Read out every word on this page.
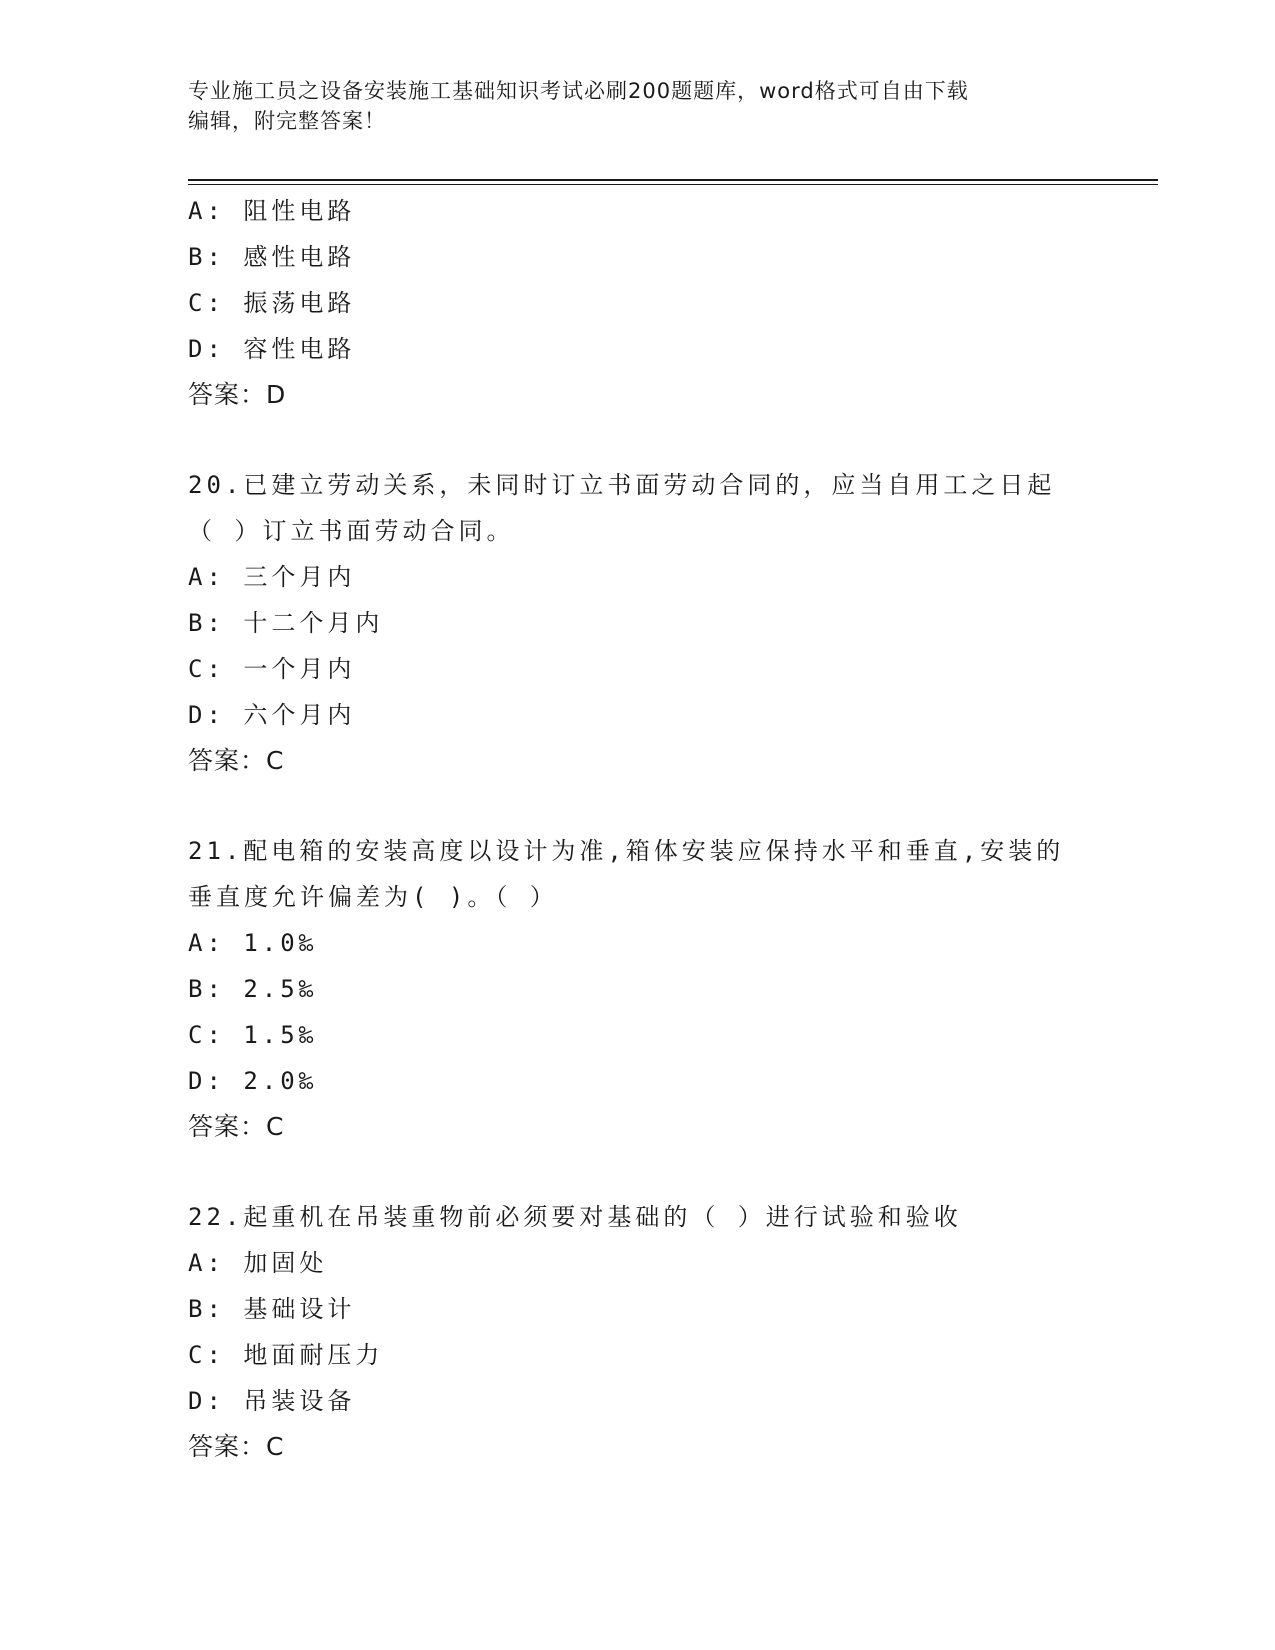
专业施工员之设备安装施工基础知识考试必刷200题题库，word格式可自由下载
编辑，附完整答案！
A: 阻性电路
B: 感性电路
C: 振荡电路
D: 容性电路
答案：D
20.已建立劳动关系，未同时订立书面劳动合同的，应当自用工之日起
（ ）订立书面劳动合同。
A: 三个月内
B: 十二个月内
C: 一个月内
D: 六个月内
答案：C
21.配电箱的安装高度以设计为准,箱体安装应保持水平和垂直,安装的
垂直度允许偏差为( )。（ ）
A: 1.0‰
B: 2.5‰
C: 1.5‰
D: 2.0‰
答案：C
22.起重机在吊装重物前必须要对基础的（ ）进行试验和验收
A: 加固处
B: 基础设计
C: 地面耐压力
D: 吊装设备
答案：C
